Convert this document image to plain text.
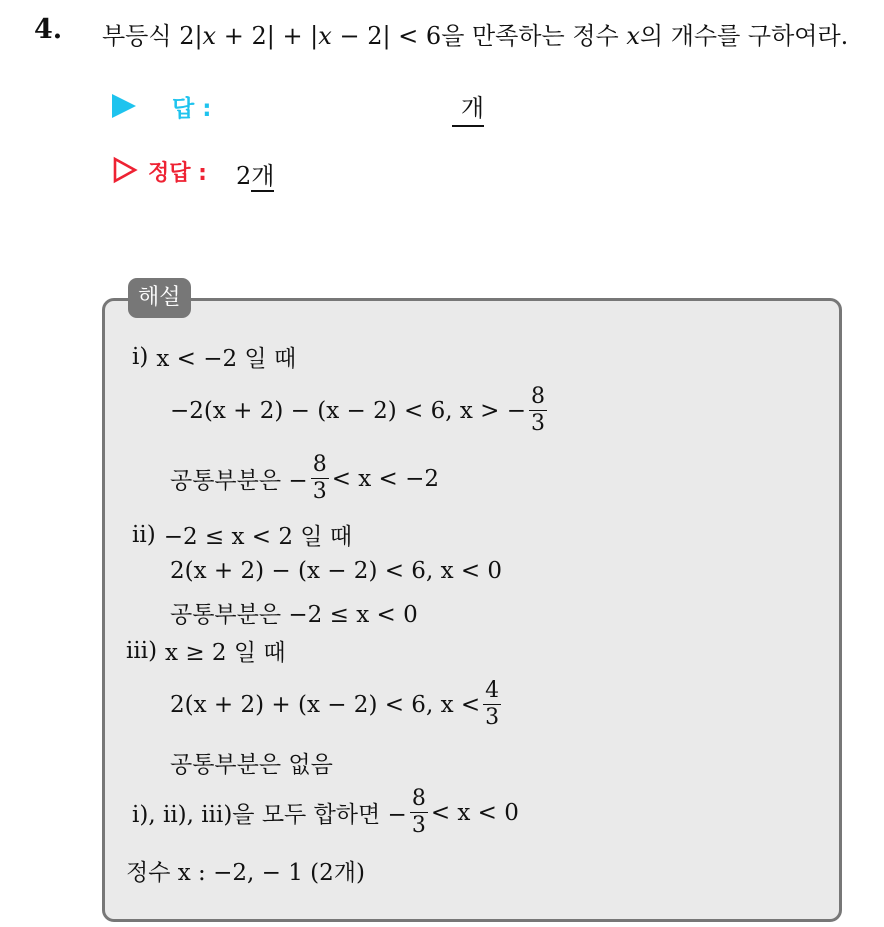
4. 부등식 2|x + 2| + |x − 2| < 6을 만족하는 정수 x의 개수를 구하여라.
답 :	개
정답 : 2개
해설
ⅰ) x < −2 일 때
−2(x + 2) − (x − 2) < 6, x > − $\frac{8}{3}$
공통부분은 − $\frac{8}{3} < x < -2$
ⅱ) −2 ≤ x < 2 일 때
2(x + 2) − (x − 2) < 6, x < 0
공통부분은 −2 ≤ x < 0
ⅲ) x ≥ 2 일 때
2(x + 2) + (x − 2) < 6, $x < \frac{4}{3}$
공통부분은 없음
ⅰ), ⅱ), ⅲ)을 모두 합하면 − $\frac{8}{3} < x < 0$
정수 x : −2, − 1 (2개)
